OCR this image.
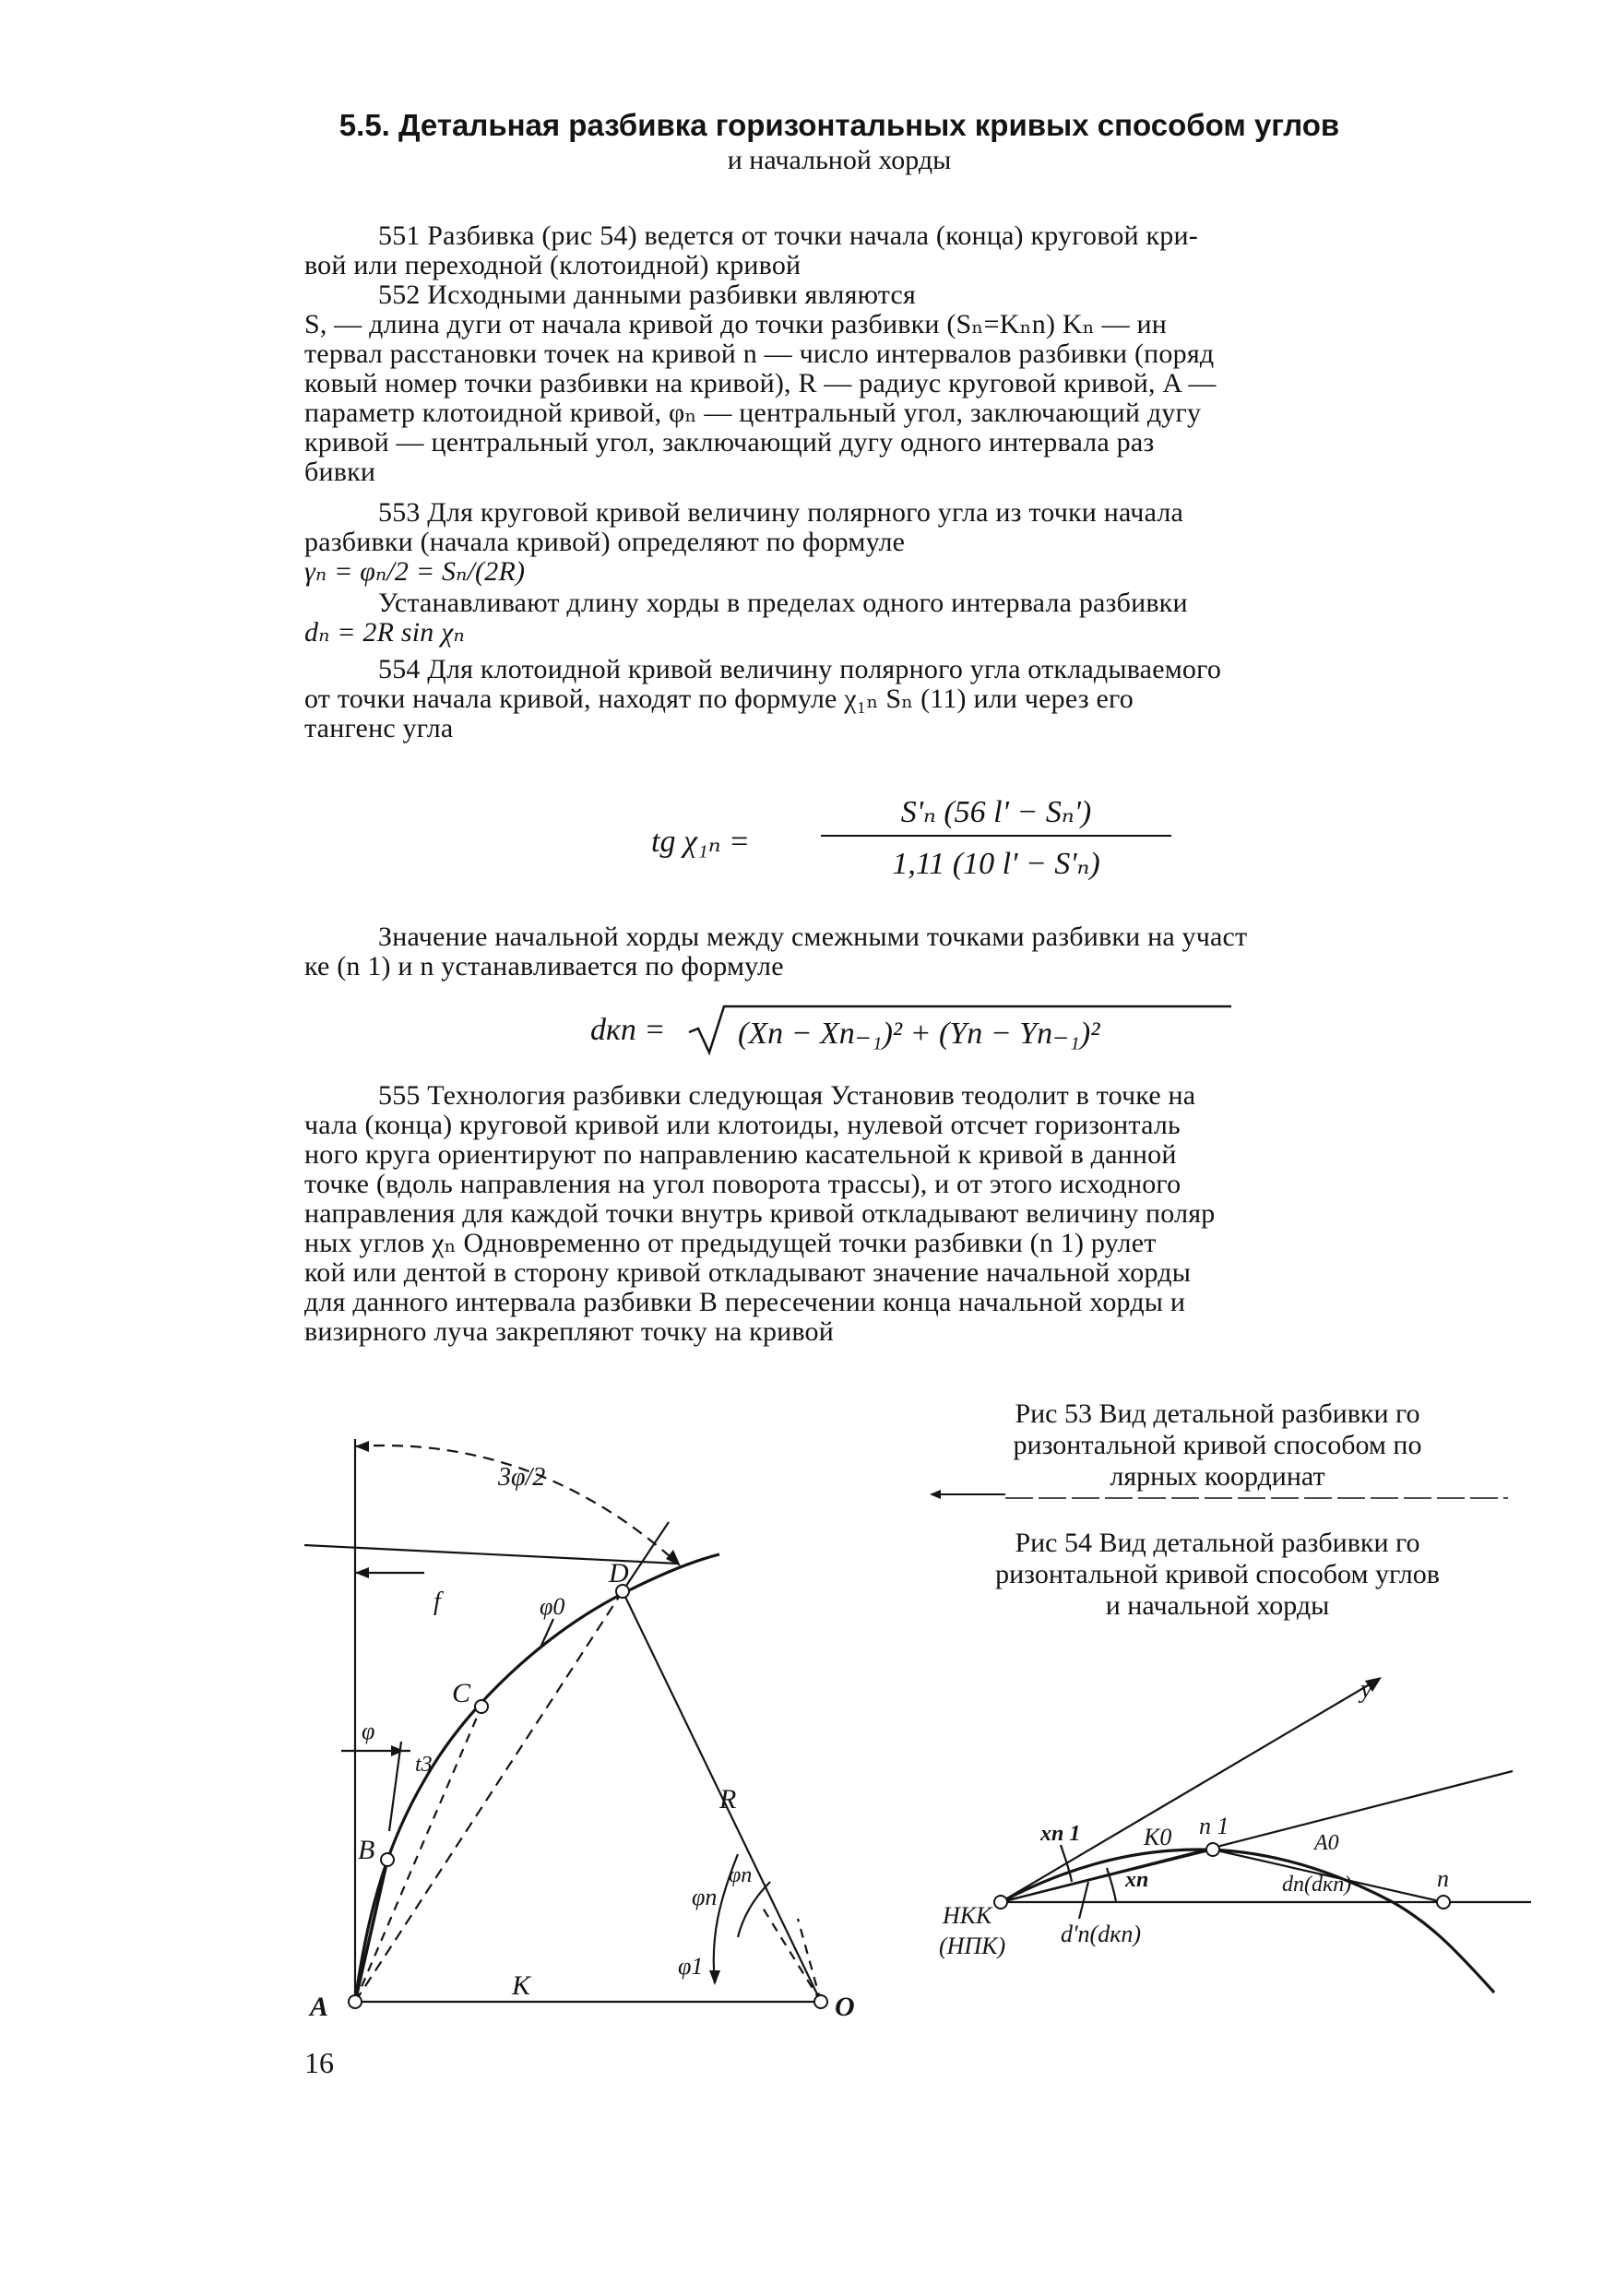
5.5. Детальная разбивка горизонтальных кривых способом углов
и начальной хорды
551 Разбивка (рис 54) ведется от точки начала (конца) круговой кри-
вой или переходной (клотоидной) кривой
552 Исходными данными разбивки являются
S, — длина дуги от начала кривой до точки разбивки (Sₙ=Kₙn) Kₙ — ин
тервал расстановки точек на кривой n — число интервалов разбивки (поряд
ковый номер точки разбивки на кривой), R — радиус круговой кривой, A —
параметр клотоидной кривой, φₙ — центральный угол, заключающий дугу
кривой — центральный угол, заключающий дугу одного интервала раз
бивки
553 Для круговой кривой величину полярного угла из точки начала
разбивки (начала кривой) определяют по формуле
γₙ = φₙ/2 = Sₙ/(2R)
Устанавливают длину хорды в пределах одного интервала разбивки
dₙ = 2R sin χₙ
554 Для клотоидной кривой величину полярного угла откладываемого
от точки начала кривой, находят по формуле χ₁ₙ Sₙ (11) или через его
тангенс угла
tg χ₁ₙ =
S'ₙ (56 l' − Sₙ')
1,11 (10 l' − S'ₙ)
Значение начальной хорды между смежными точками разбивки на участ
ке (n 1) и n устанавливается по формуле
dкп = (Xn − Xn₋₁)² + (Yn − Yn₋₁)²
555 Технология разбивки следующая Установив теодолит в точке на
чала (конца) круговой кривой или клотоиды, нулевой отсчет горизонталь
ного круга ориентируют по направлению касательной к кривой в данной
точке (вдоль направления на угол поворота трассы), и от этого исходного
направления для каждой точки внутрь кривой откладывают величину поляр
ных углов χₙ Одновременно от предыдущей точки разбивки (n 1) рулет
кой или дентой в сторону кривой откладывают значение начальной хорды
для данного интервала разбивки В пересечении конца начальной хорды и
визирного луча закрепляют точку на кривой
3φ/2
f	φ0
D
C
φ
t3
B
R
φn
φn
φ1
K
A	O
Рис 53 Вид детальной разбивки го
ризонтальной кривой способом по
лярных координат
Рис 54 Вид детальной разбивки го
ризонтальной кривой способом углов
и начальной хорды
y
xn 1	K0 n 1
A0
xn	dn(dкп)	n
d'n(dкп)
НКК
(НПК)
16
